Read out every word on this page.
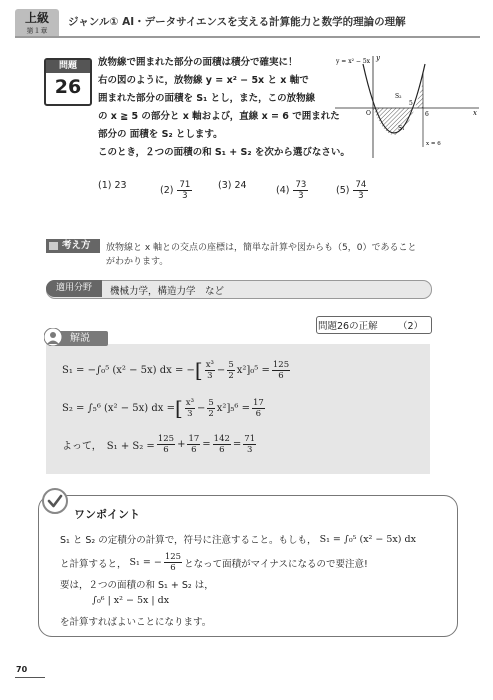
上級
第１章
ジャンル① AI・データサイエンスを支える計算能力と数学的理論の理解
問題
26
放物線で囲まれた部分の面積は積分で確実に！
右の図のように，放物線 y = x² − 5x と x 軸で
囲まれた部分の面積を S₁ とし，また，この放物線
の x ≧ 5 の部分と x 軸および，直線 x = 6 で囲まれた
部分の 面積を S₂ とします。
このとき，２つの面積の和 S₁ + S₂ を次から選びなさい。
y = x² − 5x y
x
O
5
6
S₂
S₁
x = 6
(1)
23	$(2) \frac{71}{3}$	(3)
24	$(4) \frac{73}{3}$	$(5) \frac{74}{3}$
考え方	放物線と x 軸との交点の座標は，簡単な計算や図からも（5，0）であること
がわかります。
適用分野	機械力学，構造力学　など
問題26の正解 （2）
解説
S₁ = −∫₀⁵ (x² − 5x) dx = − [ x³
$3 - \frac{5}{2} x^2$ ]₀⁵
= $\frac{125}{6}$
S₂ = ∫₅⁶ (x² − 5x) dx = [ x³
$3 - \frac{5}{2} x^2$ ]₅⁶
= $\frac{17}{6}$
よって，　$S_1 + S_2 = \frac{125}{6} + \frac{17}{6} = \frac{142}{6} = \frac{71}{3}$
ワンポイント
S₁ と S₂ の定積分の計算で，符号に注意すること。もしも，
S₁ = ∫₀⁵ (x² − 5x) dx
と計算すると，
S₁ = − $\frac{125}{6}$ となって面積がマイナスになるので要注意!
要は，２つの面積の和 S₁ + S₂ は，
∫₀⁶ | x² − 5x | dx
を計算すればよいことになります。
70
